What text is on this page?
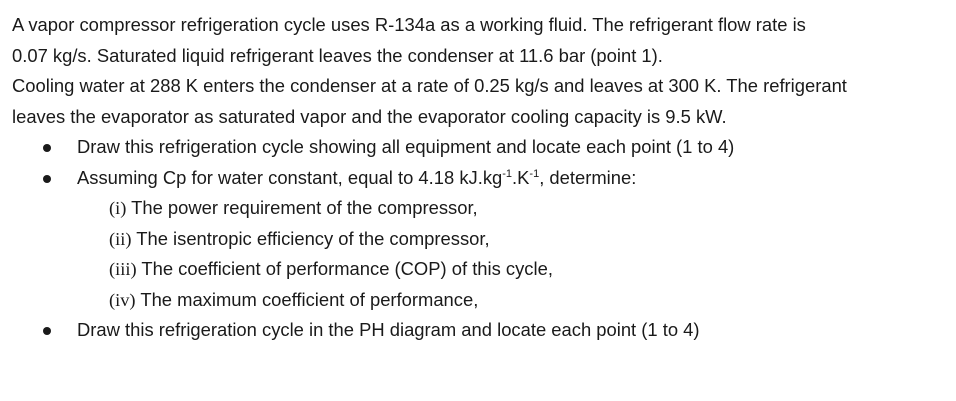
A vapor compressor refrigeration cycle uses R-134a as a working fluid. The refrigerant flow rate is
0.07 kg/s. Saturated liquid refrigerant leaves the condenser at 11.6 bar (point 1).
Cooling water at 288 K enters the condenser at a rate of 0.25 kg/s and leaves at 300 K. The refrigerant
leaves the evaporator as saturated vapor and the evaporator cooling capacity is 9.5 kW.
Draw this refrigeration cycle showing all equipment and locate each point (1 to 4)
Assuming Cp for water constant, equal to 4.18 $kJ.kg^{-1}.K^{-1}$, determine:
(i) The power requirement of the compressor,
(ii) The isentropic efficiency of the compressor,
(iii) The coefficient of performance (COP) of this cycle,
(iv) The maximum coefficient of performance,
Draw this refrigeration cycle in the PH diagram and locate each point (1 to 4)
